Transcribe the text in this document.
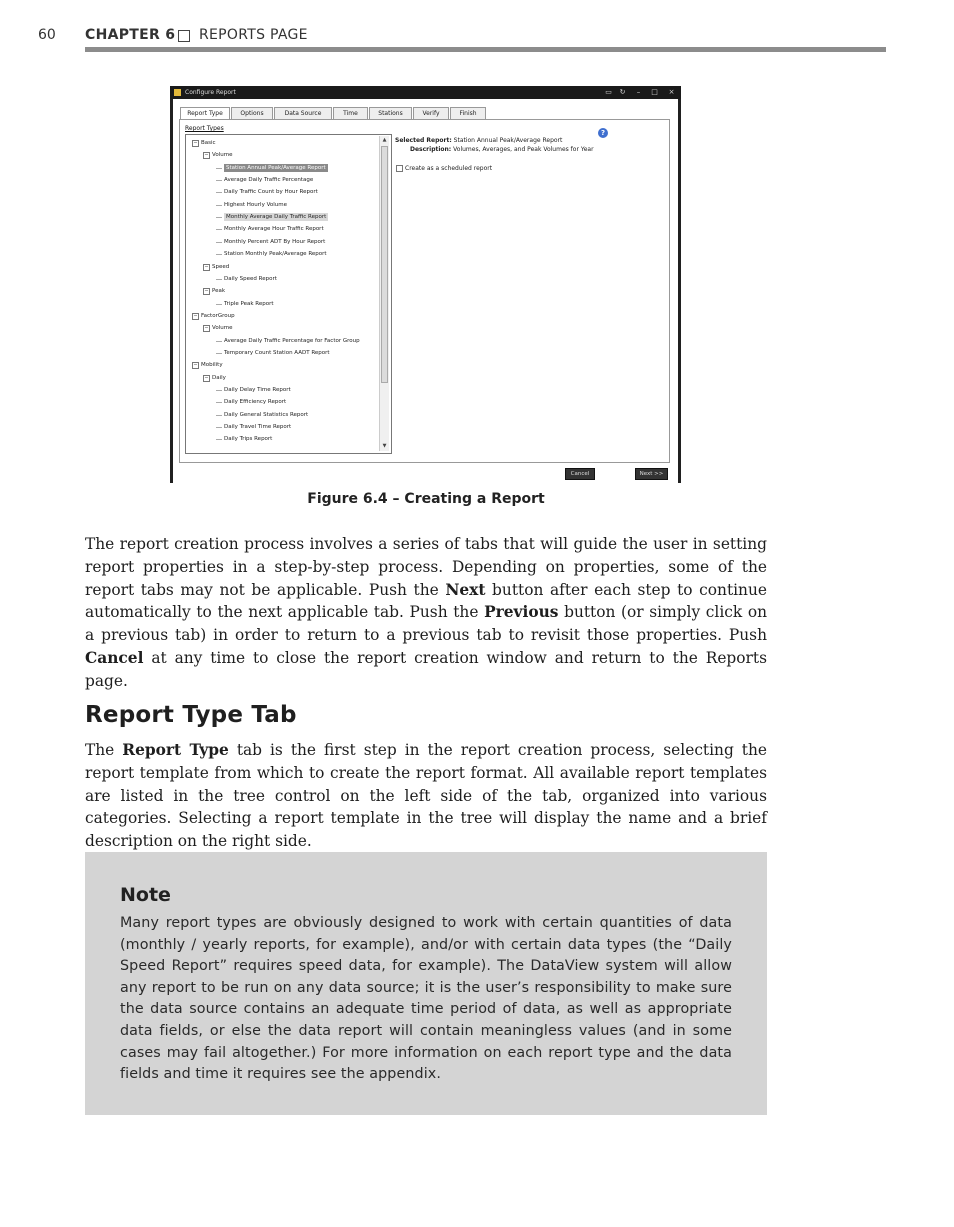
60 CHAPTER 6 REPORTS PAGE
Configure Report	▭ ↻	–	□ ×
Report Type	Options	Data Source	Time	Stations	Verify	Finish
Report Types
▲
▼
− Basic
− Volume
Station Annual Peak/Average Report
Average Daily Traffic Percentage
Daily Traffic Count by Hour Report
Highest Hourly Volume
Monthly Average Daily Traffic Report
Monthly Average Hour Traffic Report
Monthly Percent ADT By Hour Report
Station Monthly Peak/Average Report
− Speed
Daily Speed Report
− Peak
Triple Peak Report
− FactorGroup
− Volume
Average Daily Traffic Percentage for Factor Group
Temporary Count Station AADT Report
− Mobility
− Daily
Daily Delay Time Report
Daily Efficiency Report
Daily General Statistics Report
Daily Travel Time Report
Daily Trips Report
Selected Report: Station Annual Peak/Average Report
Description: Volumes, Averages, and Peak Volumes for Year
Create as a scheduled report
?
Cancel	Next >>
Figure 6.4 – Creating a Report

The report creation process involves a series of tabs that will guide the user in setting report properties in a step-by-step process. Depending on properties, some of the report tabs may not be applicable. Push the Next button after each step to continue automatically to the next applicable tab. Push the Previous button (or simply click on a previous tab) in order to return to a previous tab to revisit those properties. Push Cancel at any time to close the report creation window and return to the Reports page.

Report Type Tab

The Report Type tab is the first step in the report creation process, selecting the report template from which to create the report format. All available report templates are listed in the tree control on the left side of the tab, organized into various categories. Selecting a report template in the tree will display the name and a brief description on the right side.

Note

Many report types are obviously designed to work with certain quantities of data (monthly / yearly reports, for example), and/or with certain data types (the “Daily Speed Report” requires speed data, for example). The DataView system will allow any report to be run on any data source; it is the user’s responsibility to make sure the data source contains an adequate time period of data, as well as appropriate data fields, or else the data report will contain meaningless values (and in some cases may fail altogether.) For more information on each report type and the data fields and time it requires see the appendix.
